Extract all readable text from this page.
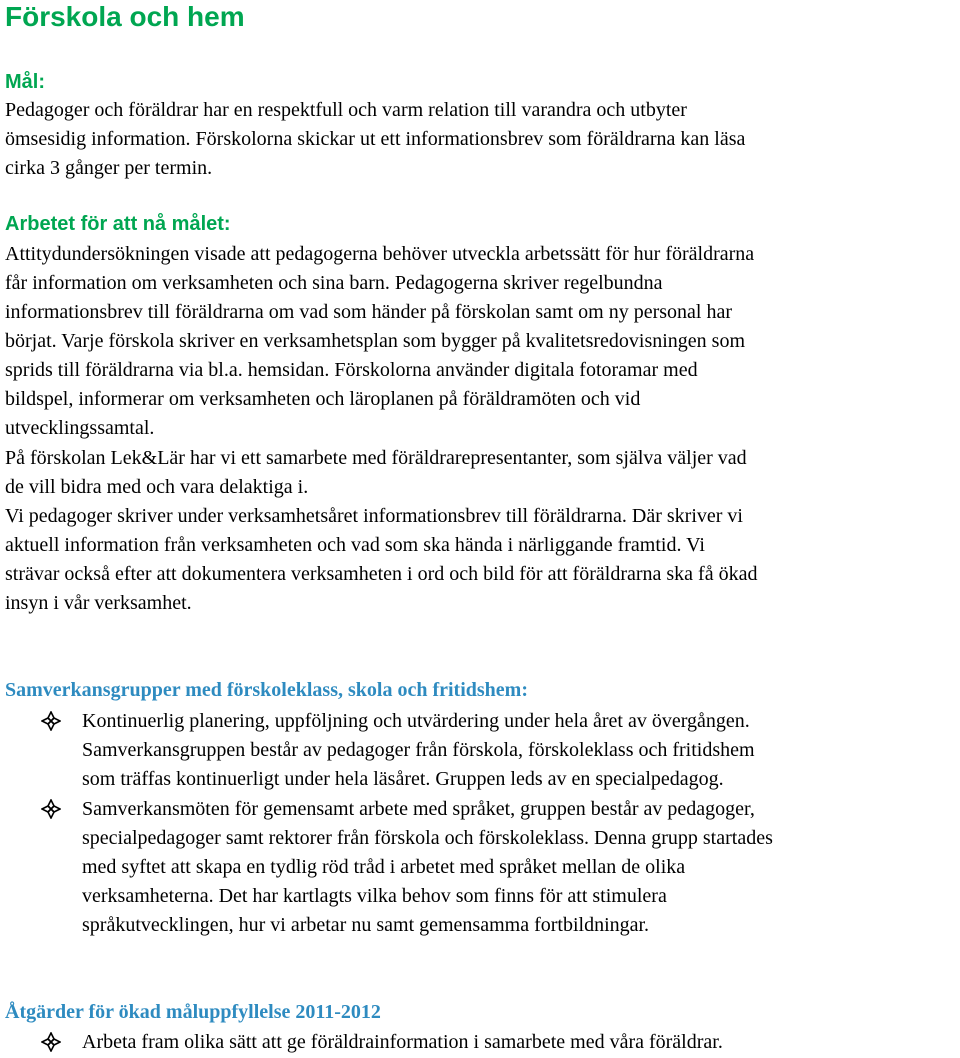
Förskola och hem
Mål:
Pedagoger och föräldrar har en respektfull och varm relation till varandra och utbyter
ömsesidig information. Förskolorna skickar ut ett informationsbrev som föräldrarna kan läsa
cirka 3 gånger per termin.
Arbetet för att nå målet:
Attitydundersökningen visade att pedagogerna behöver utveckla arbetssätt för hur föräldrarna
får information om verksamheten och sina barn. Pedagogerna skriver regelbundna
informationsbrev till föräldrarna om vad som händer på förskolan samt om ny personal har
börjat. Varje förskola skriver en verksamhetsplan som bygger på kvalitetsredovisningen som
sprids till föräldrarna via bl.a. hemsidan. Förskolorna använder digitala fotoramar med
bildspel, informerar om verksamheten och läroplanen på föräldramöten och vid
utvecklingssamtal.
På förskolan Lek&Lär har vi ett samarbete med föräldrarepresentanter, som själva väljer vad
de vill bidra med och vara delaktiga i.
Vi pedagoger skriver under verksamhetsåret informationsbrev till föräldrarna. Där skriver vi
aktuell information från verksamheten och vad som ska hända i närliggande framtid. Vi
strävar också efter att dokumentera verksamheten i ord och bild för att föräldrarna ska få ökad
insyn i vår verksamhet.
Samverkansgrupper med förskoleklass, skola och fritidshem:
Kontinuerlig planering, uppföljning och utvärdering under hela året av övergången.
Samverkansgruppen består av pedagoger från förskola, förskoleklass och fritidshem
som träffas kontinuerligt under hela läsåret. Gruppen leds av en specialpedagog.
Samverkansmöten för gemensamt arbete med språket, gruppen består av pedagoger,
specialpedagoger samt rektorer från förskola och förskoleklass. Denna grupp startades
med syftet att skapa en tydlig röd tråd i arbetet med språket mellan de olika
verksamheterna. Det har kartlagts vilka behov som finns för att stimulera
språkutvecklingen, hur vi arbetar nu samt gemensamma fortbildningar.
Åtgärder för ökad måluppfyllelse 2011-2012
Arbeta fram olika sätt att ge föräldrainformation i samarbete med våra föräldrar.
